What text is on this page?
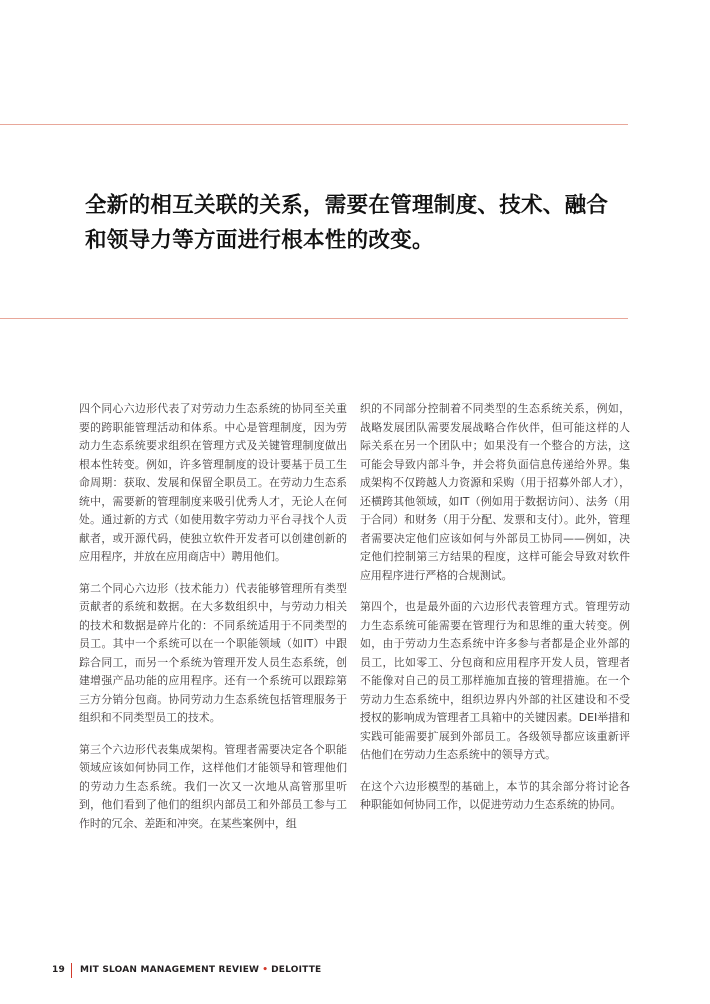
全新的相互关联的关系，需要在管理制度、技术、融合和领导力等方面进行根本性的改变。

四个同心六边形代表了对劳动力生态系统的协同至关重要的跨职能管理活动和体系。中心是管理制度，因为劳动力生态系统要求组织在管理方式及关键管理制度做出根本性转变。例如，许多管理制度的设计要基于员工生命周期：获取、发展和保留全职员工。在劳动力生态系统中，需要新的管理制度来吸引优秀人才，无论人在何处。通过新的方式（如使用数字劳动力平台寻找个人贡献者，或开源代码，使独立软件开发者可以创建创新的应用程序，并放在应用商店中）聘用他们。

第二个同心六边形（技术能力）代表能够管理所有类型贡献者的系统和数据。在大多数组织中，与劳动力相关的技术和数据是碎片化的：不同系统适用于不同类型的员工。其中一个系统可以在一个职能领域（如IT）中跟踪合同工，而另一个系统为管理开发人员生态系统，创建增强产品功能的应用程序。还有一个系统可以跟踪第三方分销分包商。协同劳动力生态系统包括管理服务于组织和不同类型员工的技术。

第三个六边形代表集成架构。管理者需要决定各个职能领域应该如何协同工作，这样他们才能领导和管理他们的劳动力生态系统。我们一次又一次地从高管那里听到，他们看到了他们的组织内部员工和外部员工参与工作时的冗余、差距和冲突。在某些案例中，组

织的不同部分控制着不同类型的生态系统关系，例如，战略发展团队需要发展战略合作伙伴，但可能这样的人际关系在另一个团队中；如果没有一个整合的方法，这可能会导致内部斗争，并会将负面信息传递给外界。集成架构不仅跨越人力资源和采购（用于招募外部人才），还横跨其他领域，如IT（例如用于数据访问）、法务（用于合同）和财务（用于分配、发票和支付）。此外，管理者需要决定他们应该如何与外部员工协同——例如，决定他们控制第三方结果的程度，这样可能会导致对软件应用程序进行严格的合规测试。

第四个，也是最外面的六边形代表管理方式。管理劳动力生态系统可能需要在管理行为和思维的重大转变。例如，由于劳动力生态系统中许多参与者都是企业外部的员工，比如零工、分包商和应用程序开发人员，管理者不能像对自己的员工那样施加直接的管理措施。在一个劳动力生态系统中，组织边界内外部的社区建设和不受授权的影响成为管理者工具箱中的关键因素。DEI举措和实践可能需要扩展到外部员工。各级领导都应该重新评估他们在劳动力生态系统中的领导方式。

在这个六边形模型的基础上，本节的其余部分将讨论各种职能如何协同工作，以促进劳动力生态系统的协同。

19	MIT SLOAN MANAGEMENT REVIEW • DELOITTE
